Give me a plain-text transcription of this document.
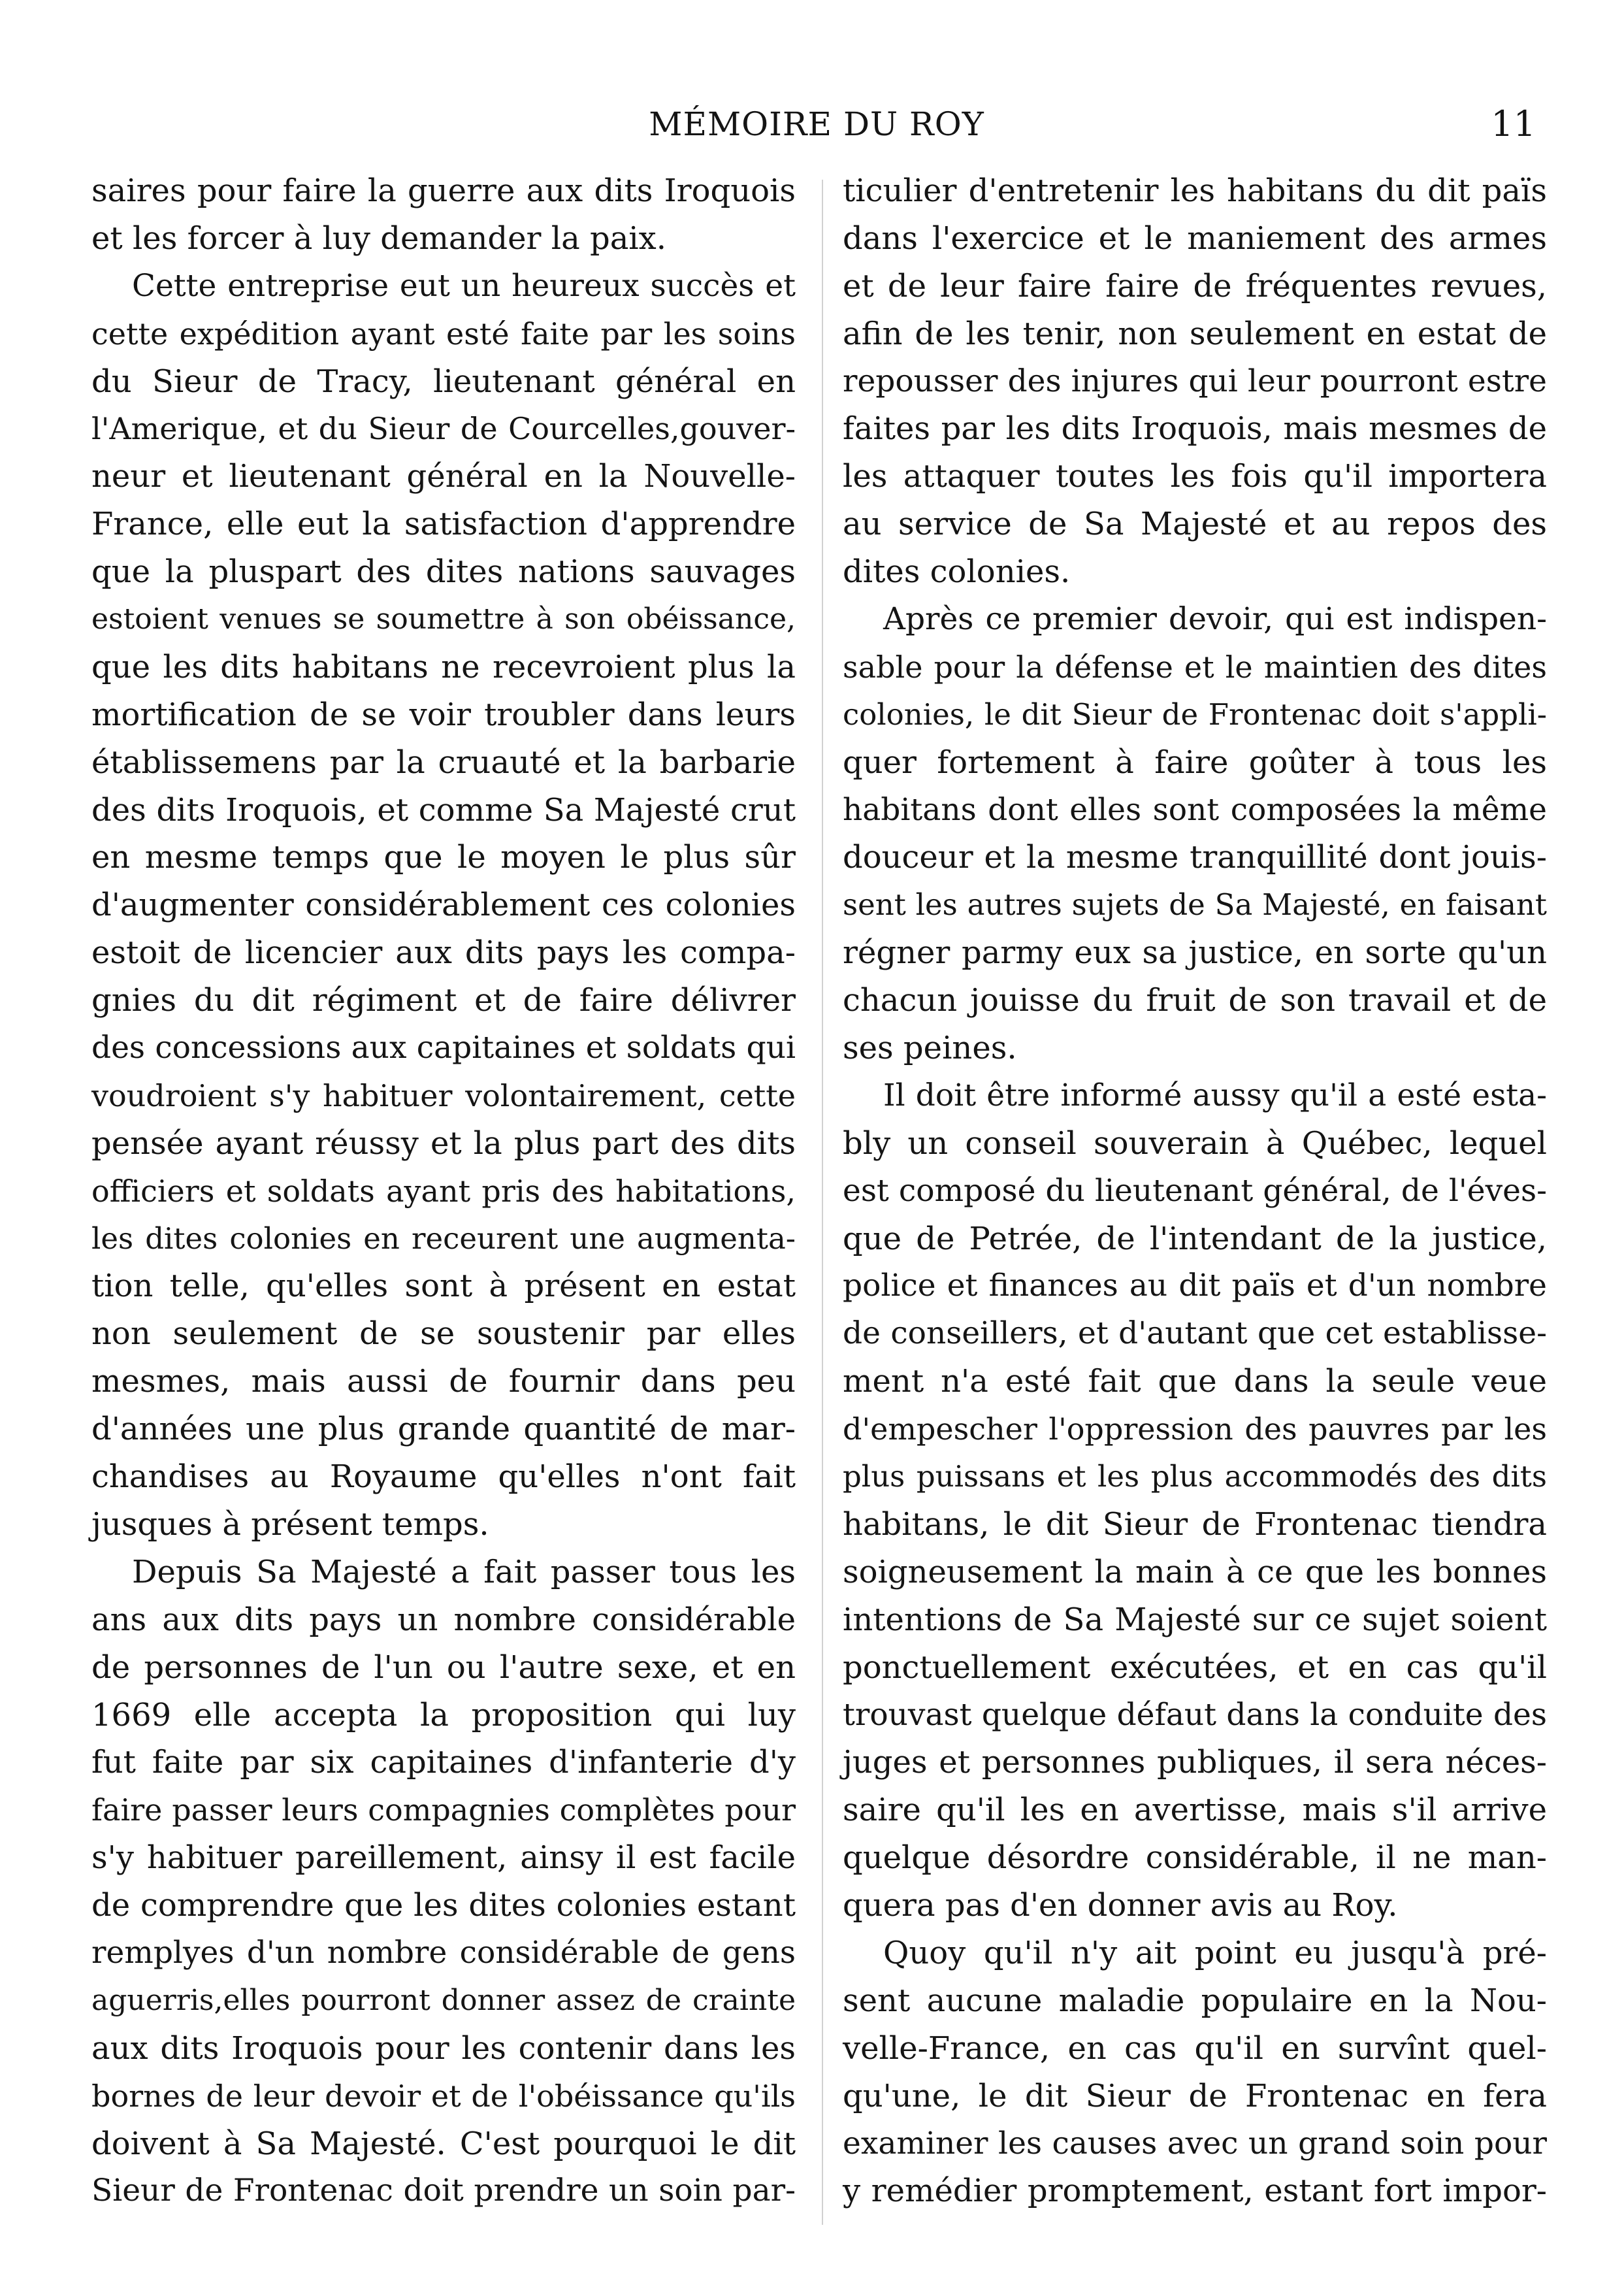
MÉMOIRE DU ROY	11
saires pour faire la guerre aux dits Iroquois
et les forcer à luy demander la paix.
Cette entreprise eut un heureux succès et
cette expédition ayant esté faite par les soins
du Sieur de Tracy, lieutenant général en
l'Amerique, et du Sieur de Courcelles,gouver-
neur et lieutenant général en la Nouvelle-
France, elle eut la satisfaction d'apprendre
que la pluspart des dites nations sauvages
estoient venues se soumettre à son obéissance,
que les dits habitans ne recevroient plus la
mortification de se voir troubler dans leurs
établissemens par la cruauté et la barbarie
des dits Iroquois, et comme Sa Majesté crut
en mesme temps que le moyen le plus sûr
d'augmenter considérablement ces colonies
estoit de licencier aux dits pays les compa-
gnies du dit régiment et de faire délivrer
des concessions aux capitaines et soldats qui
voudroient s'y habituer volontairement, cette
pensée ayant réussy et la plus part des dits
officiers et soldats ayant pris des habitations,
les dites colonies en receurent une augmenta-
tion telle, qu'elles sont à présent en estat
non seulement de se soustenir par elles
mesmes, mais aussi de fournir dans peu
d'années une plus grande quantité de mar-
chandises au Royaume qu'elles n'ont fait
jusques à présent temps.
Depuis Sa Majesté a fait passer tous les
ans aux dits pays un nombre considérable
de personnes de l'un ou l'autre sexe, et en
1669 elle accepta la proposition qui luy
fut faite par six capitaines d'infanterie d'y
faire passer leurs compagnies complètes pour
s'y habituer pareillement, ainsy il est facile
de comprendre que les dites colonies estant
remplyes d'un nombre considérable de gens
aguerris,elles pourront donner assez de crainte
aux dits Iroquois pour les contenir dans les
bornes de leur devoir et de l'obéissance qu'ils
doivent à Sa Majesté. C'est pourquoi le dit
Sieur de Frontenac doit prendre un soin par-
ticulier d'entretenir les habitans du dit païs
dans l'exercice et le maniement des armes
et de leur faire faire de fréquentes revues,
afin de les tenir, non seulement en estat de
repousser des injures qui leur pourront estre
faites par les dits Iroquois, mais mesmes de
les attaquer toutes les fois qu'il importera
au service de Sa Majesté et au repos des
dites colonies.
Après ce premier devoir, qui est indispen-
sable pour la défense et le maintien des dites
colonies, le dit Sieur de Frontenac doit s'appli-
quer fortement à faire goûter à tous les
habitans dont elles sont composées la même
douceur et la mesme tranquillité dont jouis-
sent les autres sujets de Sa Majesté, en faisant
régner parmy eux sa justice, en sorte qu'un
chacun jouisse du fruit de son travail et de
ses peines.
Il doit être informé aussy qu'il a esté esta-
bly un conseil souverain à Québec, lequel
est composé du lieutenant général, de l'éves-
que de Petrée, de l'intendant de la justice,
police et finances au dit païs et d'un nombre
de conseillers, et d'autant que cet establisse-
ment n'a esté fait que dans la seule veue
d'empescher l'oppression des pauvres par les
plus puissans et les plus accommodés des dits
habitans, le dit Sieur de Frontenac tiendra
soigneusement la main à ce que les bonnes
intentions de Sa Majesté sur ce sujet soient
ponctuellement exécutées, et en cas qu'il
trouvast quelque défaut dans la conduite des
juges et personnes publiques, il sera néces-
saire qu'il les en avertisse, mais s'il arrive
quelque désordre considérable, il ne man-
quera pas d'en donner avis au Roy.
Quoy qu'il n'y ait point eu jusqu'à pré-
sent aucune maladie populaire en la Nou-
velle-France, en cas qu'il en survînt quel-
qu'une, le dit Sieur de Frontenac en fera
examiner les causes avec un grand soin pour
y remédier promptement, estant fort impor-
